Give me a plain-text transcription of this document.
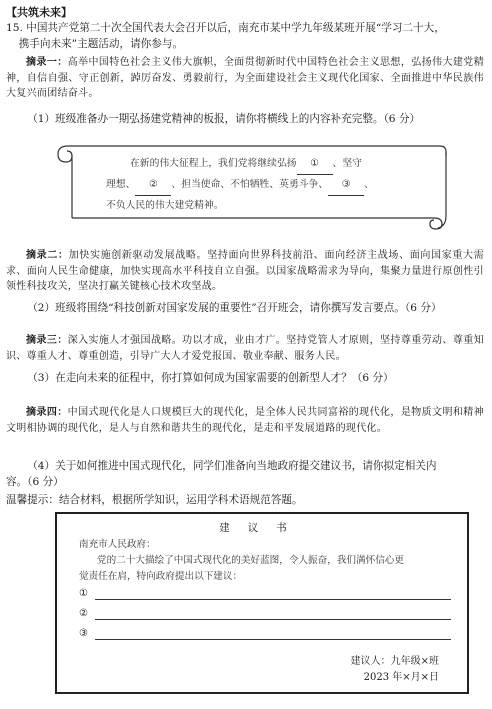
【共筑未来】
15. 中国共产党第二十次全国代表大会召开以后，南充市某中学九年级某班开展“学习二十大，
携手向未来”主题活动，请你参与。
摘录一：高举中国特色社会主义伟大旗帜，全面贯彻新时代中国特色社会主义思想，弘扬伟大建党精神，自信自强、守正创新，踔厉奋发、勇毅前行，为全面建设社会主义现代化国家、全面推进中华民族伟大复兴而团结奋斗。
（1）班级准备办一期弘扬建党精神的板报，请你将横线上的内容补充完整。（6 分）
在新的伟大征程上，我们党将继续弘扬 ① 、坚守
理想、 ② 、担当使命、不怕牺牲、英勇斗争、 ③ 、
不负人民的伟大建党精神。
摘录二：加快实施创新驱动发展战略。坚持面向世界科技前沿、面向经济主战场、面向国家重大需求、面向人民生命健康，加快实现高水平科技自立自强。以国家战略需求为导向，集聚力量进行原创性引领性科技攻关，坚决打赢关键核心技术攻坚战。
（2）班级将围绕“科技创新对国家发展的重要性”召开班会，请你撰写发言要点。（6 分）
摘录三：深入实施人才强国战略。功以才成，业由才广。坚持党管人才原则，坚持尊重劳动、尊重知识、尊重人才、尊重创造，引导广大人才爱党报国、敬业奉献、服务人民。
（3）在走向未来的征程中，你打算如何成为国家需要的创新型人才？（6 分）
摘录四：中国式现代化是人口规模巨大的现代化，是全体人民共同富裕的现代化，是物质文明和精神文明相协调的现代化，是人与自然和谐共生的现代化，是走和平发展道路的现代化。
（4）关于如何推进中国式现代化，同学们准备向当地政府提交建议书，请你拟定相关内
容。（6 分）
温馨提示：结合材料，根据所学知识，运用学科术语规范答题。
建议书
南充市人民政府：
党的二十大描绘了中国式现代化的美好蓝图，令人振奋，我们满怀信心更
觉责任在肩，特向政府提出以下建议：
①
②
③
建议人：九年级×班
2023 年×月×日
